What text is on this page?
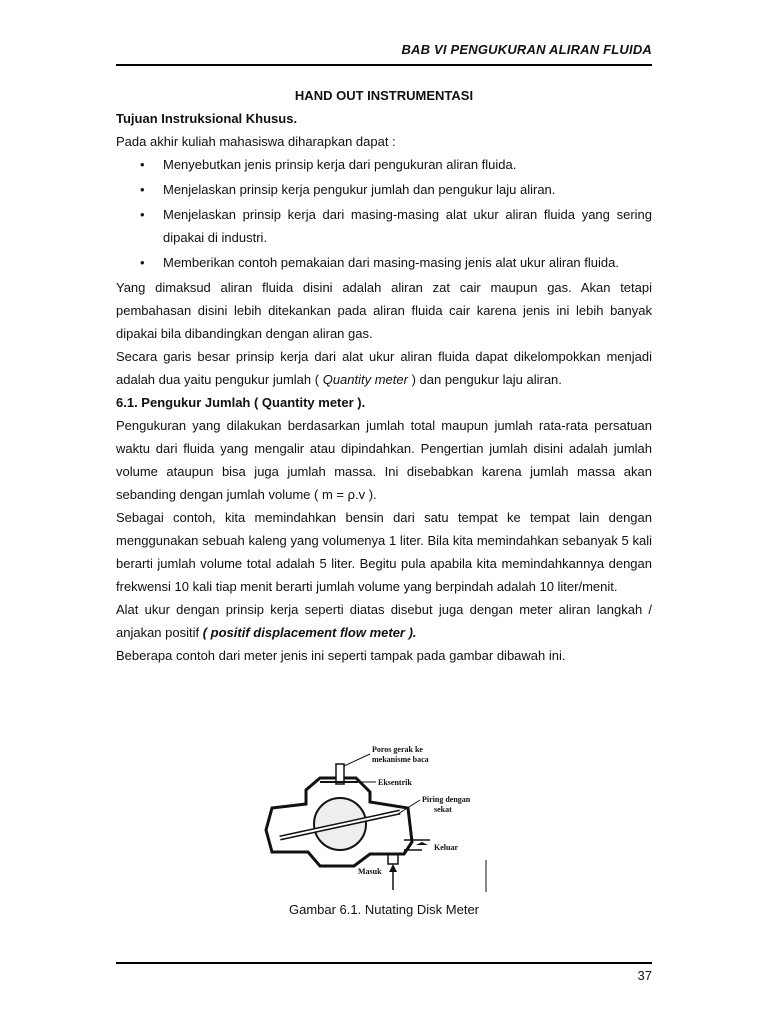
BAB VI PENGUKURAN ALIRAN FLUIDA
HAND OUT INSTRUMENTASI
Tujuan Instruksional Khusus.
Pada akhir kuliah mahasiswa diharapkan dapat :
• Menyebutkan jenis prinsip kerja dari pengukuran aliran fluida.
• Menjelaskan prinsip kerja pengukur jumlah dan pengukur laju aliran.
• Menjelaskan prinsip kerja dari masing-masing alat ukur aliran fluida yang sering dipakai di industri.
• Memberikan contoh pemakaian dari masing-masing jenis alat ukur aliran fluida.
Yang dimaksud aliran fluida disini adalah aliran zat cair maupun gas. Akan tetapi pembahasan disini lebih ditekankan pada aliran fluida cair karena jenis ini lebih banyak dipakai bila dibandingkan dengan aliran gas.
Secara garis besar prinsip kerja dari alat ukur aliran fluida dapat dikelompokkan menjadi adalah dua yaitu pengukur jumlah ( Quantity meter ) dan pengukur laju aliran.
6.1. Pengukur Jumlah ( Quantity meter ).
Pengukuran yang dilakukan berdasarkan jumlah total maupun jumlah rata-rata persatuan waktu dari fluida yang mengalir atau dipindahkan. Pengertian jumlah disini adalah jumlah volume ataupun bisa juga jumlah massa. Ini disebabkan karena jumlah massa akan sebanding dengan jumlah volume ( m = ρ.v ).
Sebagai contoh, kita memindahkan bensin dari satu tempat ke tempat lain dengan menggunakan sebuah kaleng yang volumenya 1 liter. Bila kita memindahkan sebanyak 5 kali berarti jumlah volume total adalah 5 liter. Begitu pula apabila kita memindahkannya dengan frekwensi 10 kali tiap menit berarti jumlah volume yang berpindah adalah 10 liter/menit.
Alat ukur dengan prinsip kerja seperti diatas disebut juga dengan meter aliran langkah / anjakan positif ( positif displacement flow meter ).
Beberapa contoh dari meter jenis ini seperti tampak pada gambar dibawah ini.
Poros gerak ke
mekanisme baca
Eksentrik
Piring dengan
sekat
Keluar
Masuk
Gambar 6.1. Nutating Disk Meter
37
